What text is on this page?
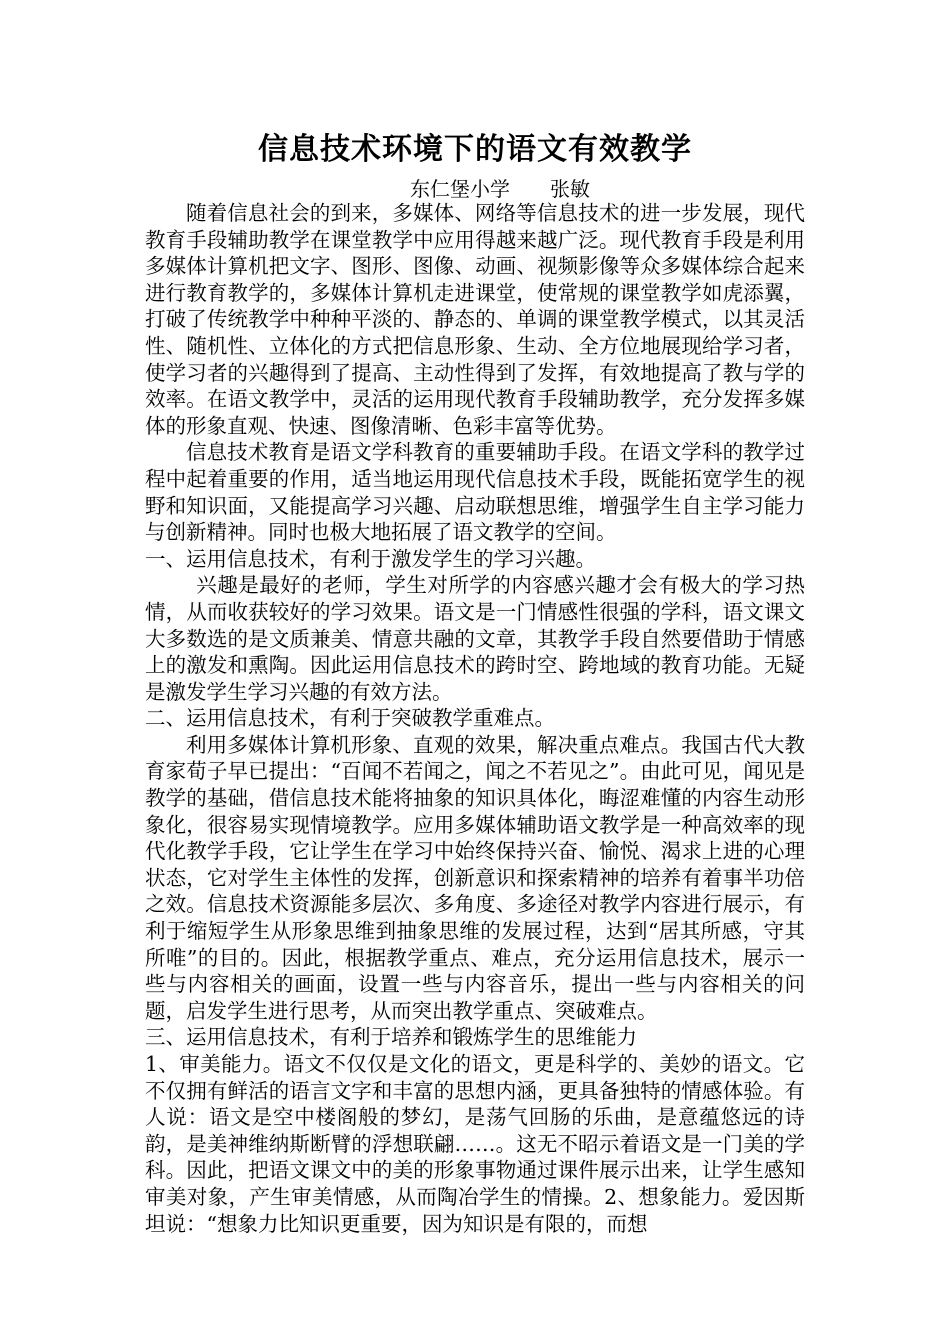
信息技术环境下的语文有效教学
东仁堡小学　　张敏

随着信息社会的到来，多媒体、网络等信息技术的进一步发展，现代教育手段辅助教学在课堂教学中应用得越来越广泛。现代教育手段是利用多媒体计算机把文字、图形、图像、动画、视频影像等众多媒体综合起来进行教育教学的，多媒体计算机走进课堂，使常规的课堂教学如虎添翼，打破了传统教学中种种平淡的、静态的、单调的课堂教学模式，以其灵活性、随机性、立体化的方式把信息形象、生动、全方位地展现给学习者，使学习者的兴趣得到了提高、主动性得到了发挥，有效地提高了教与学的效率。在语文教学中，灵活的运用现代教育手段辅助教学，充分发挥多媒体的形象直观、快速、图像清晰、色彩丰富等优势。

信息技术教育是语文学科教育的重要辅助手段。在语文学科的教学过程中起着重要的作用，适当地运用现代信息技术手段，既能拓宽学生的视野和知识面，又能提高学习兴趣、启动联想思维，增强学生自主学习能力与创新精神。同时也极大地拓展了语文教学的空间。

一、运用信息技术，有利于激发学生的学习兴趣。

兴趣是最好的老师，学生对所学的内容感兴趣才会有极大的学习热情，从而收获较好的学习效果。语文是一门情感性很强的学科，语文课文大多数选的是文质兼美、情意共融的文章，其教学手段自然要借助于情感上的激发和熏陶。因此运用信息技术的跨时空、跨地域的教育功能。无疑是激发学生学习兴趣的有效方法。

二、运用信息技术，有利于突破教学重难点。

利用多媒体计算机形象、直观的效果，解决重点难点。我国古代大教育家荀子早已提出：“百闻不若闻之，闻之不若见之”。由此可见，闻见是教学的基础，借信息技术能将抽象的知识具体化，晦涩难懂的内容生动形象化，很容易实现情境教学。应用多媒体辅助语文教学是一种高效率的现代化教学手段，它让学生在学习中始终保持兴奋、愉悦、渴求上进的心理状态，它对学生主体性的发挥，创新意识和探索精神的培养有着事半功倍之效。信息技术资源能多层次、多角度、多途径对教学内容进行展示，有利于缩短学生从形象思维到抽象思维的发展过程，达到“居其所感，守其所唯”的目的。因此，根据教学重点、难点，充分运用信息技术，展示一些与内容相关的画面，设置一些与内容音乐，提出一些与内容相关的问题，启发学生进行思考，从而突出教学重点、突破难点。

三、运用信息技术，有利于培养和锻炼学生的思维能力

1、审美能力。语文不仅仅是文化的语文，更是科学的、美妙的语文。它不仅拥有鲜活的语言文字和丰富的思想内涵，更具备独特的情感体验。有人说：语文是空中楼阁般的梦幻，是荡气回肠的乐曲，是意蕴悠远的诗韵，是美神维纳斯断臂的浮想联翩……。这无不昭示着语文是一门美的学科。因此，把语文课文中的美的形象事物通过课件展示出来，让学生感知审美对象，产生审美情感，从而陶冶学生的情操。2、想象能力。爱因斯坦说：“想象力比知识更重要，因为知识是有限的，而想
